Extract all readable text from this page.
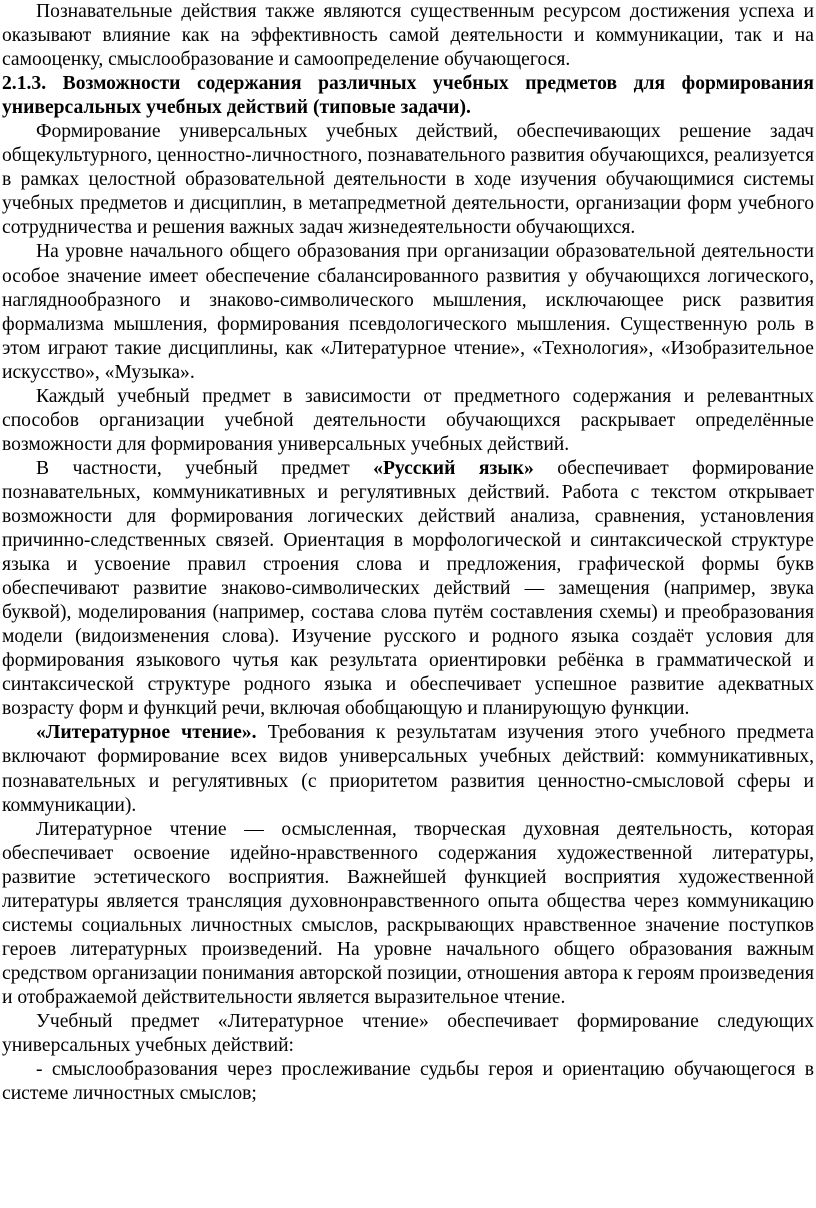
Познавательные действия также являются существенным ресурсом достижения успеха и оказывают влияние как на эффективность самой деятельности и коммуникации, так и на самооценку, смыслообразование и самоопределение обучающегося.

2.1.3. Возможности содержания различных учебных предметов для формирования универсальных учебных действий (типовые задачи).

Формирование универсальных учебных действий, обеспечивающих решение задач общекультурного, ценностно-личностного, познавательного развития обучающихся, реализуется в рамках целостной образовательной деятельности в ходе изучения обучающимися системы учебных предметов и дисциплин, в метапредметной деятельности, организации форм учебного сотрудничества и решения важных задач жизнедеятельности обучающихся.

На уровне начального общего образования при организации образовательной деятельности особое значение имеет обеспечение сбалансированного развития у обучающихся логического, нагляднообразного и знаково-символического мышления, исключающее риск развития формализма мышления, формирования псевдологического мышления. Существенную роль в этом играют такие дисциплины, как «Литературное чтение», «Технология», «Изобразительное искусство», «Музыка».

Каждый учебный предмет в зависимости от предметного содержания и релевантных способов организации учебной деятельности обучающихся раскрывает определённые возможности для формирования универсальных учебных действий.

В частности, учебный предмет «Русский язык» обеспечивает формирование познавательных, коммуникативных и регулятивных действий. Работа с текстом открывает возможности для формирования логических действий анализа, сравнения, установления причинно-следственных связей. Ориентация в морфологической и синтаксической структуре языка и усвоение правил строения слова и предложения, графической формы букв обеспечивают развитие знаково-символических действий — замещения (например, звука буквой), моделирования (например, состава слова путём составления схемы) и преобразования модели (видоизменения слова). Изучение русского и родного языка создаёт условия для формирования языкового чутья как результата ориентировки ребёнка в грамматической и синтаксической структуре родного языка и обеспечивает успешное развитие адекватных возрасту форм и функций речи, включая обобщающую и планирующую функции.

«Литературное чтение». Требования к результатам изучения этого учебного предмета включают формирование всех видов универсальных учебных действий: коммуникативных, познавательных и регулятивных (с приоритетом развития ценностно-смысловой сферы и коммуникации).

Литературное чтение — осмысленная, творческая духовная деятельность, которая обеспечивает освоение идейно-нравственного содержания художественной литературы, развитие эстетического восприятия. Важнейшей функцией восприятия художественной литературы является трансляция духовнонравственного опыта общества через коммуникацию системы социальных личностных смыслов, раскрывающих нравственное значение поступков героев литературных произведений. На уровне начального общего образования важным средством организации понимания авторской позиции, отношения автора к героям произведения и отображаемой действительности является выразительное чтение.

Учебный предмет «Литературное чтение» обеспечивает формирование следующих универсальных учебных действий:

- смыслообразования через прослеживание судьбы героя и ориентацию обучающегося в системе личностных смыслов;
